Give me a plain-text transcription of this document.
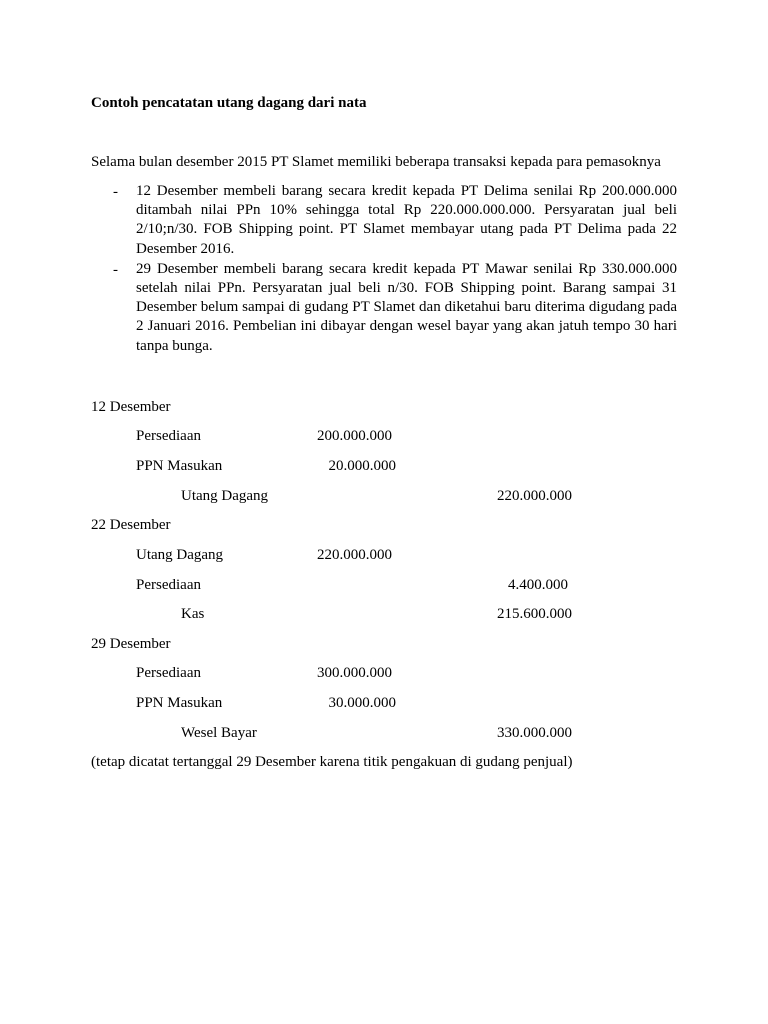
Contoh pencatatan utang dagang dari nata
Selama bulan desember 2015 PT Slamet memiliki beberapa transaksi kepada para pemasoknya
-	12 Desember membeli barang secara kredit kepada PT Delima senilai Rp 200.000.000 ditambah nilai PPn 10% sehingga total Rp 220.000.000.000. Persyaratan jual beli 2/10;n/30. FOB Shipping point. PT Slamet membayar utang pada PT Delima pada 22 Desember 2016.
-	29 Desember membeli barang secara kredit kepada PT Mawar senilai Rp 330.000.000 setelah nilai PPn. Persyaratan jual beli n/30. FOB Shipping point. Barang sampai 31 Desember belum sampai di gudang PT Slamet dan diketahui baru diterima digudang pada 2 Januari 2016. Pembelian ini dibayar dengan wesel bayar yang akan jatuh tempo 30 hari tanpa bunga.
12 Desember
Persediaan	200.000.000
PPN Masukan	20.000.000
Utang Dagang	220.000.000
22 Desember
Utang Dagang	220.000.000
Persediaan	4.400.000
Kas	215.600.000
29 Desember
Persediaan	300.000.000
PPN Masukan	30.000.000
Wesel Bayar	330.000.000
(tetap dicatat tertanggal 29 Desember karena titik pengakuan di gudang penjual)
